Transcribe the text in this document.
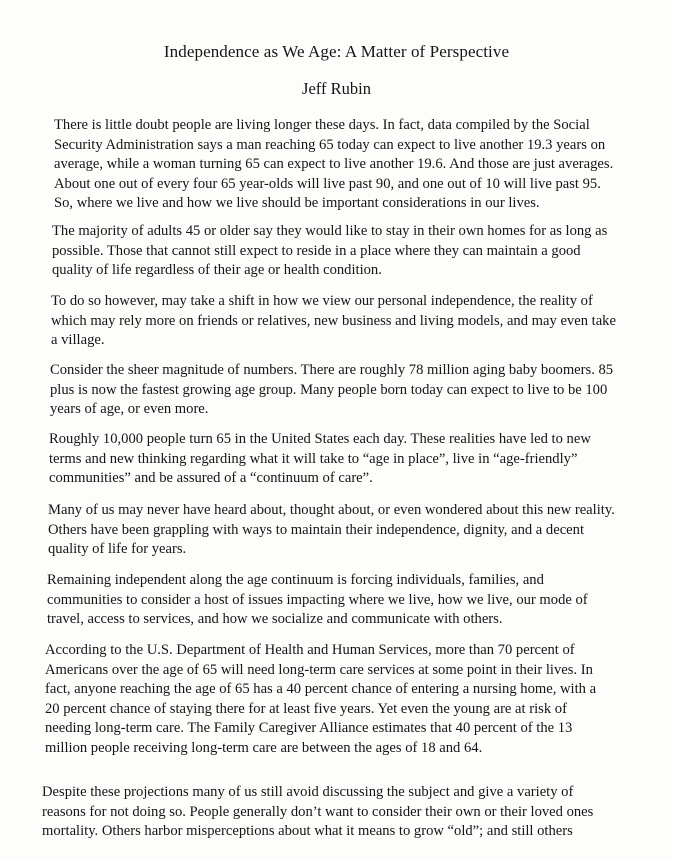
Independence as We Age: A Matter of Perspective
Jeff Rubin
There is little doubt people are living longer these days. In fact, data compiled by the Social
Security Administration says a man reaching 65 today can expect to live another 19.3 years on
average, while a woman turning 65 can expect to live another 19.6. And those are just averages.
About one out of every four 65 year-olds will live past 90, and one out of 10 will live past 95.
So, where we live and how we live should be important considerations in our lives.
The majority of adults 45 or older say they would like to stay in their own homes for as long as
possible. Those that cannot still expect to reside in a place where they can maintain a good
quality of life regardless of their age or health condition.
To do so however, may take a shift in how we view our personal independence, the reality of
which may rely more on friends or relatives, new business and living models, and may even take
a village.
Consider the sheer magnitude of numbers. There are roughly 78 million aging baby boomers. 85
plus is now the fastest growing age group. Many people born today can expect to live to be 100
years of age, or even more.
Roughly 10,000 people turn 65 in the United States each day. These realities have led to new
terms and new thinking regarding what it will take to “age in place”, live in “age-friendly”
communities” and be assured of a “continuum of care”.
Many of us may never have heard about, thought about, or even wondered about this new reality.
Others have been grappling with ways to maintain their independence, dignity, and a decent
quality of life for years.
Remaining independent along the age continuum is forcing individuals, families, and
communities to consider a host of issues impacting where we live, how we live, our mode of
travel, access to services, and how we socialize and communicate with others.
According to the U.S. Department of Health and Human Services, more than 70 percent of
Americans over the age of 65 will need long-term care services at some point in their lives. In
fact, anyone reaching the age of 65 has a 40 percent chance of entering a nursing home, with a
20 percent chance of staying there for at least five years. Yet even the young are at risk of
needing long-term care. The Family Caregiver Alliance estimates that 40 percent of the 13
million people receiving long-term care are between the ages of 18 and 64.
Despite these projections many of us still avoid discussing the subject and give a variety of
reasons for not doing so. People generally don’t want to consider their own or their loved ones
mortality. Others harbor misperceptions about what it means to grow “old”; and still others
